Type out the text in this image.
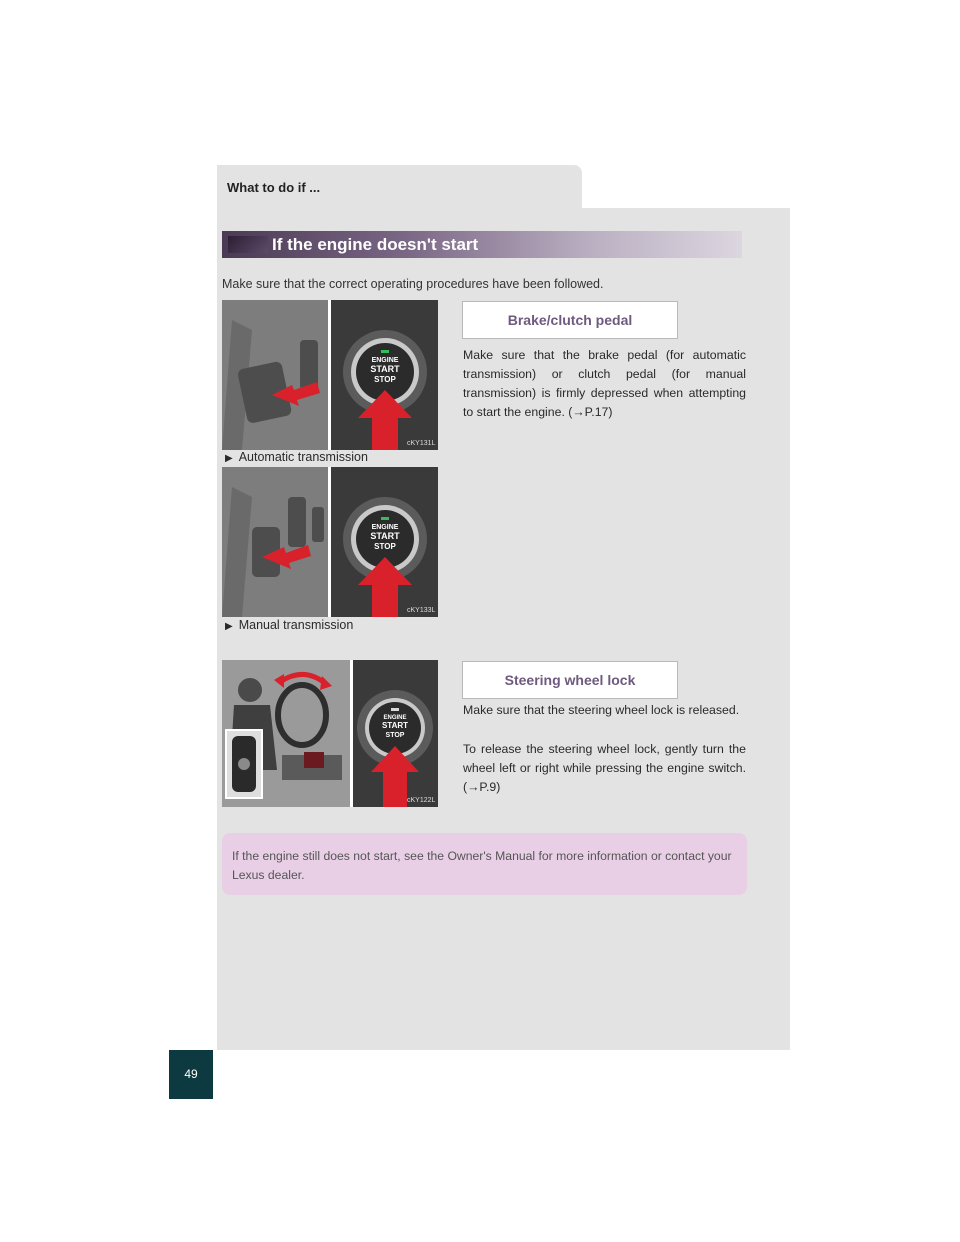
What to do if ...
If the engine doesn't start
Make sure that the correct operating procedures have been followed.
ENGINE
START
STOP
cKY131L
▶ Automatic transmission
ENGINE
START
STOP
cKY133L
▶ Manual transmission
Brake/clutch pedal
Make sure that the brake pedal (for automatic transmission) or clutch pedal (for manual transmission) is firmly depressed when attempting to start the engine. (→P.17)
ENGINE
START
STOP
cKY122L
Steering wheel lock
Make sure that the steering wheel lock is released.
To release the steering wheel lock, gently turn the wheel left or right while pressing the engine switch. (→P.9)

If the engine still does not start, see the Owner's Manual for more information or contact your Lexus dealer.

49
